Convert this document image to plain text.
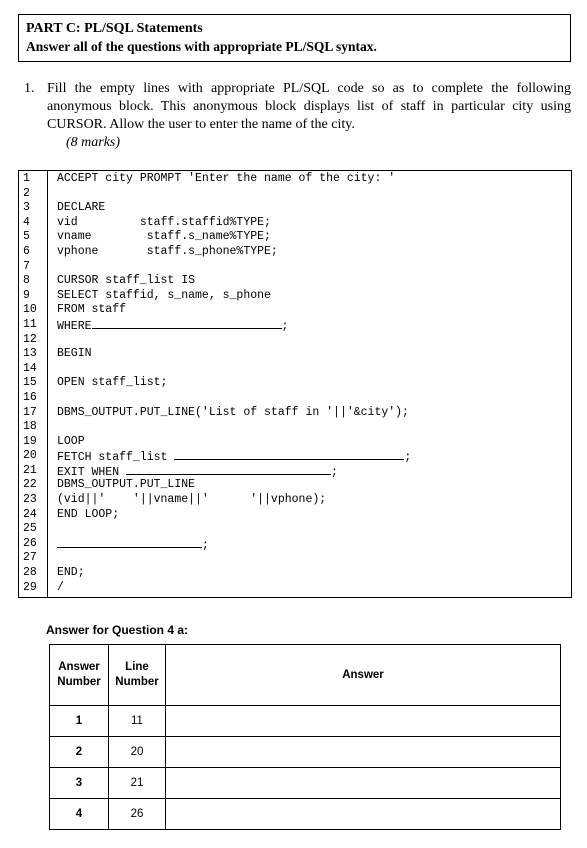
PART C: PL/SQL Statements
Answer all of the questions with appropriate PL/SQL syntax.
1. Fill the empty lines with appropriate PL/SQL code so as to complete the following anonymous block. This anonymous block displays list of staff in particular city using CURSOR. Allow the user to enter the name of the city.
(8 marks)
1 ACCEPT city PROMPT 'Enter the name of the city: '
2
3 DECLARE
4 vid         staff.staffid%TYPE;
5 vname        staff.s_name%TYPE;
6 vphone       staff.s_phone%TYPE;
7
8 CURSOR staff_list IS
9 SELECT staffid, s_name, s_phone
10 FROM staff
11 WHERE	;
12
13 BEGIN
14
15 OPEN staff_list;
16
17 DBMS_OUTPUT.PUT_LINE('List of staff in '||'&city');
18
19 LOOP
20 FETCH staff_list	;
21 EXIT WHEN	;
22 DBMS_OUTPUT.PUT_LINE
23 (vid||'    '||vname||'      '||vphone);
24 END LOOP;
25
26	;
27
28 END;
29 /
Answer for Question 4 a:
Answer Number	Line Number	Answer
1	11	
2	20	
3	21	
4	26	
